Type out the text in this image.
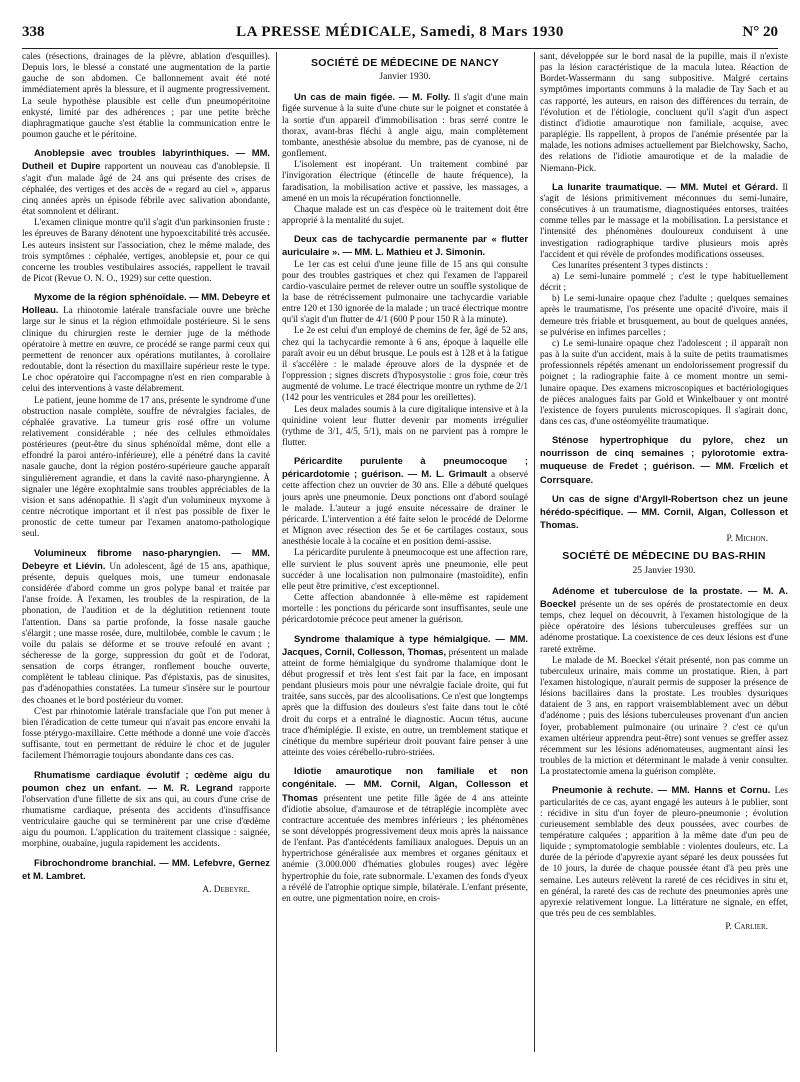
338	LA PRESSE MÉDICALE, Samedi, 8 Mars 1930	N° 20

cales (résections, drainages de la plèvre, ablation d'esquilles). Depuis lors, le blessé a constaté une augmentation de la partie gauche de son abdomen. Ce ballonnement avait été noté immédiatement après la blessure, et il augmente progressivement. La seule hypothèse plausible est celle d'un pneumopéritoine enkysté, limité par des adhérences ; par une petite brèche diaphragmatique gauche s'est établie la communication entre le poumon gauche et le péritoine.

Anoblepsie avec troubles labyrinthiques. — MM. Dutheil et Dupire rapportent un nouveau cas d'anoblepsie. Il s'agit d'un malade âgé de 24 ans qui présente des crises de céphalée, des vertiges et des accès de « regard au ciel », apparus cinq années après un épisode fébrile avec salivation abondante, état somnolent et délirant.

L'examen clinique montre qu'il s'agit d'un parkinsonien fruste : les épreuves de Barany dénotent une hypoexcitabilité très accusée. Les auteurs insistent sur l'association, chez le même malade, des trois symptômes : céphalée, vertiges, anoblepsie et, pour ce qui concerne les troubles vestibulaires associés, rappellent le travail de Picot (Revue O. N. O., 1929) sur cette question.

Myxome de la région sphénoïdale. — MM. Debeyre et Holleau. La rhinotomie latérale transfaciale ouvre une brèche large sur le sinus et la région ethmoïdale postérieure. Si le sens clinique du chirurgien reste le dernier juge de la méthode opératoire à mettre en œuvre, ce procédé se range parmi ceux qui permettent de renoncer aux opérations mutilantes, à corollaire redoutable, dont la résection du maxillaire supérieur reste le type. Le choc opératoire qui l'accompagne n'est en rien comparable à celui des interventions à vaste délabrement.

Le patient, jeune homme de 17 ans, présente le syndrome d'une obstruction nasale complète, souffre de névralgies faciales, de céphalée gravative. La tumeur gris rosé offre un volume relativement considérable ; née des cellules ethmoïdales postérieures (peut-être du sinus sphénoïdal même, dont elle a effondré la paroi antéro-inférieure), elle a pénétré dans la cavité nasale gauche, dont la région postéro-supérieure gauche apparaît singulièrement agrandie, et dans la cavité naso-pharyngienne. À signaler une légère exophtalmie sans troubles appréciables de la vision et sans adénopathie. Il s'agit d'un volumineux myxome à centre nécrotique important et il n'est pas possible de fixer le pronostic de cette tumeur par l'examen anatomo-pathologique seul.

Volumineux fibrome naso-pharyngien. — MM. Debeyre et Liévin. Un adolescent, âgé de 15 ans, apathique, présente, depuis quelques mois, une tumeur endonasale considérée d'abord comme un gros polype banal et traitée par l'anse froide. À l'examen, les troubles de la respiration, de la phonation, de l'audition et de la déglutition retiennent toute l'attention. Dans sa partie profonde, la fosse nasale gauche s'élargit ; une masse rosée, dure, multilobée, comble le cavum ; le voile du palais se déforme et se trouve refoulé en avant ; sécheresse de la gorge, suppression du goût et de l'odorat, sensation de corps étranger, ronflement bouche ouverte, complètent le tableau clinique. Pas d'épistaxis, pas de sinusites, pas d'adénopathies constatées. La tumeur s'insère sur le pourtour des choanes et le bord postérieur du vomer.

C'est par rhinotomie latérale transfaciale que l'on put mener à bien l'éradication de cette tumeur qui n'avait pas encore envahi la fosse ptérygo-maxillaire. Cette méthode a donné une voie d'accès suffisante, tout en permettant de réduire le choc et de juguler facilement l'hémorragie toujours abondante dans ces cas.

Rhumatisme cardiaque évolutif ; œdème aigu du poumon chez un enfant. — M. R. Legrand rapporte l'observation d'une fillette de six ans qui, au cours d'une crise de rhumatisme cardiaque, présenta des accidents d'insuffisance ventriculaire gauche qui se terminèrent par une crise d'œdème aigu du poumon. L'application du traitement classique : saignée, morphine, ouabaïne, jugula rapidement les accidents.

Fibrochondrome branchial. — MM. Lefebvre, Gernez et M. Lambret.

A. Debeyre.
SOCIÉTÉ DE MÉDECINE DE NANCY
Janvier 1930.

Un cas de main figée. — M. Folly. Il s'agit d'une main figée survenue à la suite d'une chute sur le poignet et constatée à la sortie d'un appareil d'immobilisation : bras serré contre le thorax, avant-bras fléchi à angle aigu, main complètement tombante, anesthésie absolue du membre, pas de cyanose, ni de gonflement.

L'isolement est inopérant. Un traitement combiné par l'invigoration électrique (étincelle de haute fréquence), la faradisation, la mobilisation active et passive, les massages, a amené en un mois la récupération fonctionnelle.

Chaque malade est un cas d'espèce où le traitement doit être approprié à la mentalité du sujet.

Deux cas de tachycardie permanente par « flutter auriculaire ». — MM. L. Mathieu et J. Simonin.

Le 1er cas est celui d'une jeune fille de 15 ans qui consulte pour des troubles gastriques et chez qui l'examen de l'appareil cardio-vasculaire permet de relever outre un souffle systolique de la base de rétrécissement pulmonaire une tachycardie variable entre 120 et 130 ignorée de la malade ; un tracé électrique montre qu'il s'agit d'un flutter de 4/1 (600 P pour 150 R à la minute).

Le 2e est celui d'un employé de chemins de fer, âgé de 52 ans, chez qui la tachycardie remonte à 6 ans, époque à laquelle elle paraît avoir eu un début brusque. Le pouls est à 128 et à la fatigue il s'accélère : le malade éprouve alors de la dyspnée et de l'oppression ; signes discrets d'hyposystolie : gros foie, cœur très augmenté de volume. Le tracé électrique montre un rythme de 2/1 (142 pour les ventricules et 284 pour les oreillettes).

Les deux malades soumis à la cure digitalique intensive et à la quinidine voient leur flutter devenir par moments irrégulier (rythme de 3/1, 4/5, 5/1), mais on ne parvient pas à rompre le flutter.

Péricardite purulente à pneumocoque ; péricardotomie ; guérison. — M. L. Grimault a observé cette affection chez un ouvrier de 30 ans. Elle a débuté quelques jours après une pneumonie. Deux ponctions ont d'abord soulagé le malade. L'auteur a jugé ensuite nécessaire de drainer le péricarde. L'intervention a été faite selon le procédé de Delorme et Mignon avec résection des 5e et 6e cartilages costaux, sous anesthésie locale à la cocaïne et en position demi-assise.

La péricardite purulente à pneumocoque est une affection rare, elle survient le plus souvent après une pneumonie, elle peut succéder à une localisation non pulmonaire (mastoïdite), enfin elle peut être primitive, c'est exceptionnel.

Cette affection abandonnée à elle-même est rapidement mortelle : les ponctions du péricarde sont insuffisantes, seule une péricardotomie précoce peut amener la guérison.

Syndrome thalamique à type hémialgique. — MM. Jacques, Cornil, Collesson, Thomas, présentent un malade atteint de forme hémialgique du syndrome thalamique dont le début progressif et très lent s'est fait par la face, en imposant pendant plusieurs mois pour une névralgie faciale droite, qui fut traitée, sans succès, par des alcoolisations. Ce n'est que longtemps après que la diffusion des douleurs s'est faite dans tout le côté droit du corps et a entraîné le diagnostic. Aucun tétus, aucune trace d'hémiplégie. Il existe, en outre, un tremblement statique et cinétique du membre supérieur droit pouvant faire penser à une atteinte des voies cérébello-rubro-striées.

Idiotie amaurotique non familiale et non congénitale. — MM. Cornil, Algan, Collesson et Thomas présentent une petite fille âgée de 4 ans atteinte d'idiotie absolue, d'amaurose et de tétraplégie incomplète avec contracture accentuée des membres inférieurs ; les phénomènes se sont développés progressivement deux mois après la naissance de l'enfant. Pas d'antécédents familiaux analogues. Depuis un an hypertrichose généralisée aux membres et organes génitaux et anémie (3.000.000 d'hématies globules rouges) avec légère hypertrophie du foie, rate subnormale. L'examen des fonds d'yeux a révélé de l'atrophie optique simple, bilatérale. L'enfant présente, en outre, une pigmentation noire, en crois-

sant, développée sur le bord nasal de la pupille, mais il n'existe pas la lésion caractéristique de la macula lutea. Réaction de Bordet-Wassermann du sang subpositive. Malgré certains symptômes importants communs à la maladie de Tay Sach et au cas rapporté, les auteurs, en raison des différences du terrain, de l'évolution et de l'étiologie, concluent qu'il s'agit d'un aspect distinct d'idiotie amaurotique non familiale, acquise, avec paraplégie. Ils rappellent, à propos de l'anémie présentée par la malade, les notions admises actuellement par Bielchowsky, Sacho, des relations de l'idiotie amaurotique et de la maladie de Niemann-Pick.

La lunarite traumatique. — MM. Mutel et Gérard. Il s'agit de lésions primitivement méconnues du semi-lunaire, consécutives à un traumatisme, diagnostiquées entorses, traitées comme telles par le massage et la mobilisation. La persistance et l'intensité des phénomènes douloureux conduisent à une investigation radiographique tardive plusieurs mois après l'accident et qui révèle de profondes modifications osseuses.

Ces lunarites présentent 3 types distincts :

a) Le semi-lunaire pommelé ; c'est le type habituellement décrit ;

b) Le semi-lunaire opaque chez l'adulte ; quelques semaines après le traumatisme, l'os présente une opacité d'ivoire, mais il demeure très friable et brusquement, au bout de quelques années, se pulvérise en infimes parcelles ;

c) Le semi-lunaire opaque chez l'adolescent ; il apparaît non pas à la suite d'un accident, mais à la suite de petits traumatismes professionnels répétés amenant un endolorissement progressif du poignet ; la radiographie faite à ce moment montre un semi-lunaire opaque. Des examens microscopiques et bactériologiques de pièces analogues faits par Gold et Winkelbauer y ont montré l'existence de foyers purulents microscopiques. Il s'agirait donc, dans ces cas, d'une ostéomyélite traumatique.

Sténose hypertrophique du pylore, chez un nourrisson de cinq semaines ; pylorotomie extra-muqueuse de Fredet ; guérison. — MM. Frœlich et Corrsquare.

Un cas de signe d'Argyll-Robertson chez un jeune hérédo-spécifique. — MM. Cornil, Algan, Collesson et Thomas.

P. Michon.
SOCIÉTÉ DE MÉDECINE DU BAS-RHIN
25 Janvier 1930.

Adénome et tuberculose de la prostate. — M. A. Boeckel présente un de ses opérés de prostatectomie en deux temps, chez lequel on découvrit, à l'examen histologique de la pièce opératoire des lésions tuberculeuses greffées sur un adénome prostatique. La coexistence de ces deux lésions est d'une rareté extrême.

Le malade de M. Boeckel s'était présenté, non pas comme un tuberculeux urinaire, mais comme un prostatique. Rien, à part l'examen histologique, n'aurait permis de supposer la présence de lésions bacillaires dans la prostate. Les troubles dysuriques dataient de 3 ans, en rapport vraisemblablement avec un début d'adénome ; puis des lésions tuberculeuses provenant d'un ancien foyer, probablement pulmonaire (ou urinaire ? c'est ce qu'un examen ultérieur apprendra peut-être) sont venues se greffer assez récemment sur les lésions adénomateuses, augmentant ainsi les troubles de la miction et déterminant le malade à venir consulter. La prostatectomie amena la guérison complète.

Pneumonie à rechute. — MM. Hanns et Cornu. Les particularités de ce cas, ayant engagé les auteurs à le publier, sont : récidive in situ d'un foyer de pleuro-pneumonie ; évolution curieusement semblable des deux poussées, avec courbes de température calquées ; apparition à la même date d'un peu de liquide ; symptomatologie semblable : violentes douleurs, etc. La durée de la période d'apyrexie ayant séparé les deux poussées fut de 10 jours, la durée de chaque poussée étant d'à peu près une semaine. Les auteurs relèvent la rareté de ces récidives in situ et, en général, la rareté des cas de rechute des pneumonies après une apyrexie relativement longue. La littérature ne signale, en effet, que très peu de ces semblables.

P. Carlier.
